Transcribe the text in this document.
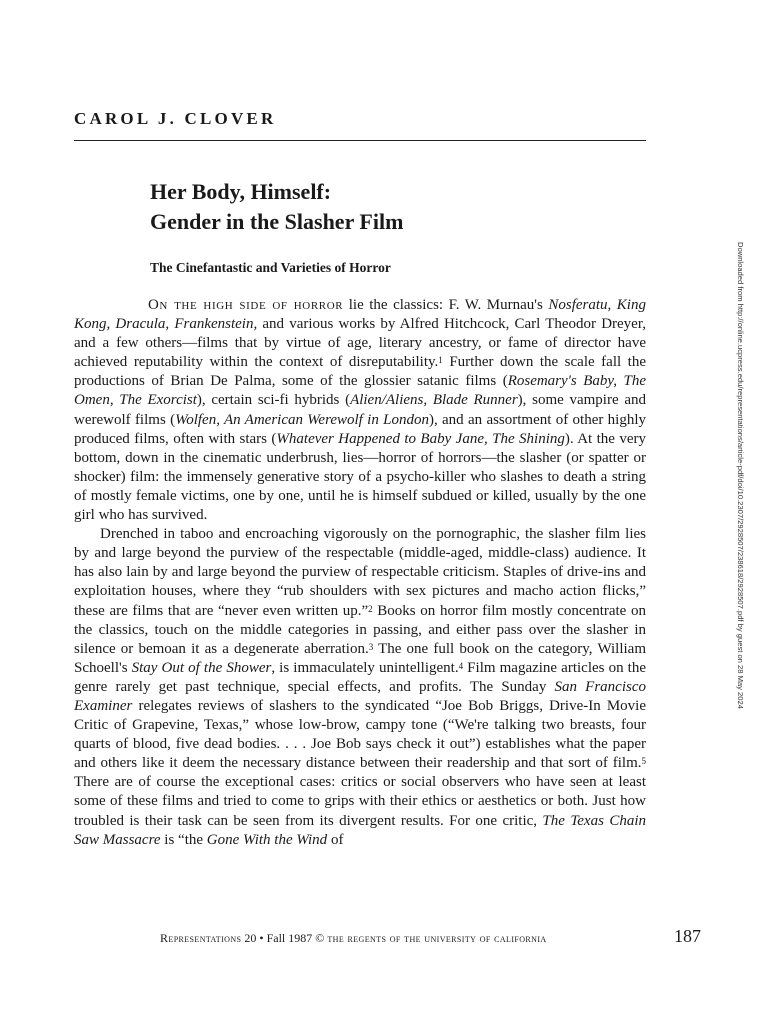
CAROL J. CLOVER
Her Body, Himself:
Gender in the Slasher Film
The Cinefantastic and Varieties of Horror

On the high side of horror lie the classics: F. W. Murnau's Nosferatu, King Kong, Dracula, Frankenstein, and various works by Alfred Hitchcock, Carl Theodor Dreyer, and a few others—films that by virtue of age, literary ancestry, or fame of director have achieved reputability within the context of disreputability.$^1$ Further down the scale fall the productions of Brian De Palma, some of the glossier satanic films (Rosemary's Baby, The Omen, The Exorcist), certain sci-fi hybrids (Alien/Aliens, Blade Runner), some vampire and werewolf films (Wolfen, An American Werewolf in London), and an assortment of other highly produced films, often with stars (Whatever Happened to Baby Jane, The Shining). At the very bottom, down in the cinematic underbrush, lies—horror of horrors—the slasher (or spatter or shocker) film: the immensely generative story of a psycho-killer who slashes to death a string of mostly female victims, one by one, until he is himself subdued or killed, usually by the one girl who has survived.

Drenched in taboo and encroaching vigorously on the pornographic, the slasher film lies by and large beyond the purview of the respectable (middle-aged, middle-class) audience. It has also lain by and large beyond the purview of respectable criticism. Staples of drive-ins and exploitation houses, where they “rub shoulders with sex pictures and macho action flicks,” these are films that are “never even written up.”$^2$ Books on horror film mostly concentrate on the classics, touch on the middle categories in passing, and either pass over the slasher in silence or bemoan it as a degenerate aberration.$^3$ The one full book on the category, William Schoell's Stay Out of the Shower, is immaculately unintelligent.$^4$ Film magazine articles on the genre rarely get past technique, special effects, and profits. The Sunday San Francisco Examiner relegates reviews of slashers to the syndicated “Joe Bob Briggs, Drive-In Movie Critic of Grapevine, Texas,” whose low-brow, campy tone (“We're talking two breasts, four quarts of blood, five dead bodies. . . . Joe Bob says check it out”) establishes what the paper and others like it deem the necessary distance between their readership and that sort of film.$^5$ There are of course the exceptional cases: critics or social observers who have seen at least some of these films and tried to come to grips with their ethics or aesthetics or both. Just how troubled is their task can be seen from its divergent results. For one critic, The Texas Chain Saw Massacre is “the Gone With the Wind of

Downloaded from http://online.ucpress.edu/representations/article-pdf/doi/10.2307/2928507/238618/2928507.pdf by guest on 28 May 2024
Representations 20 • Fall 1987 © the regents of the university of california	187
